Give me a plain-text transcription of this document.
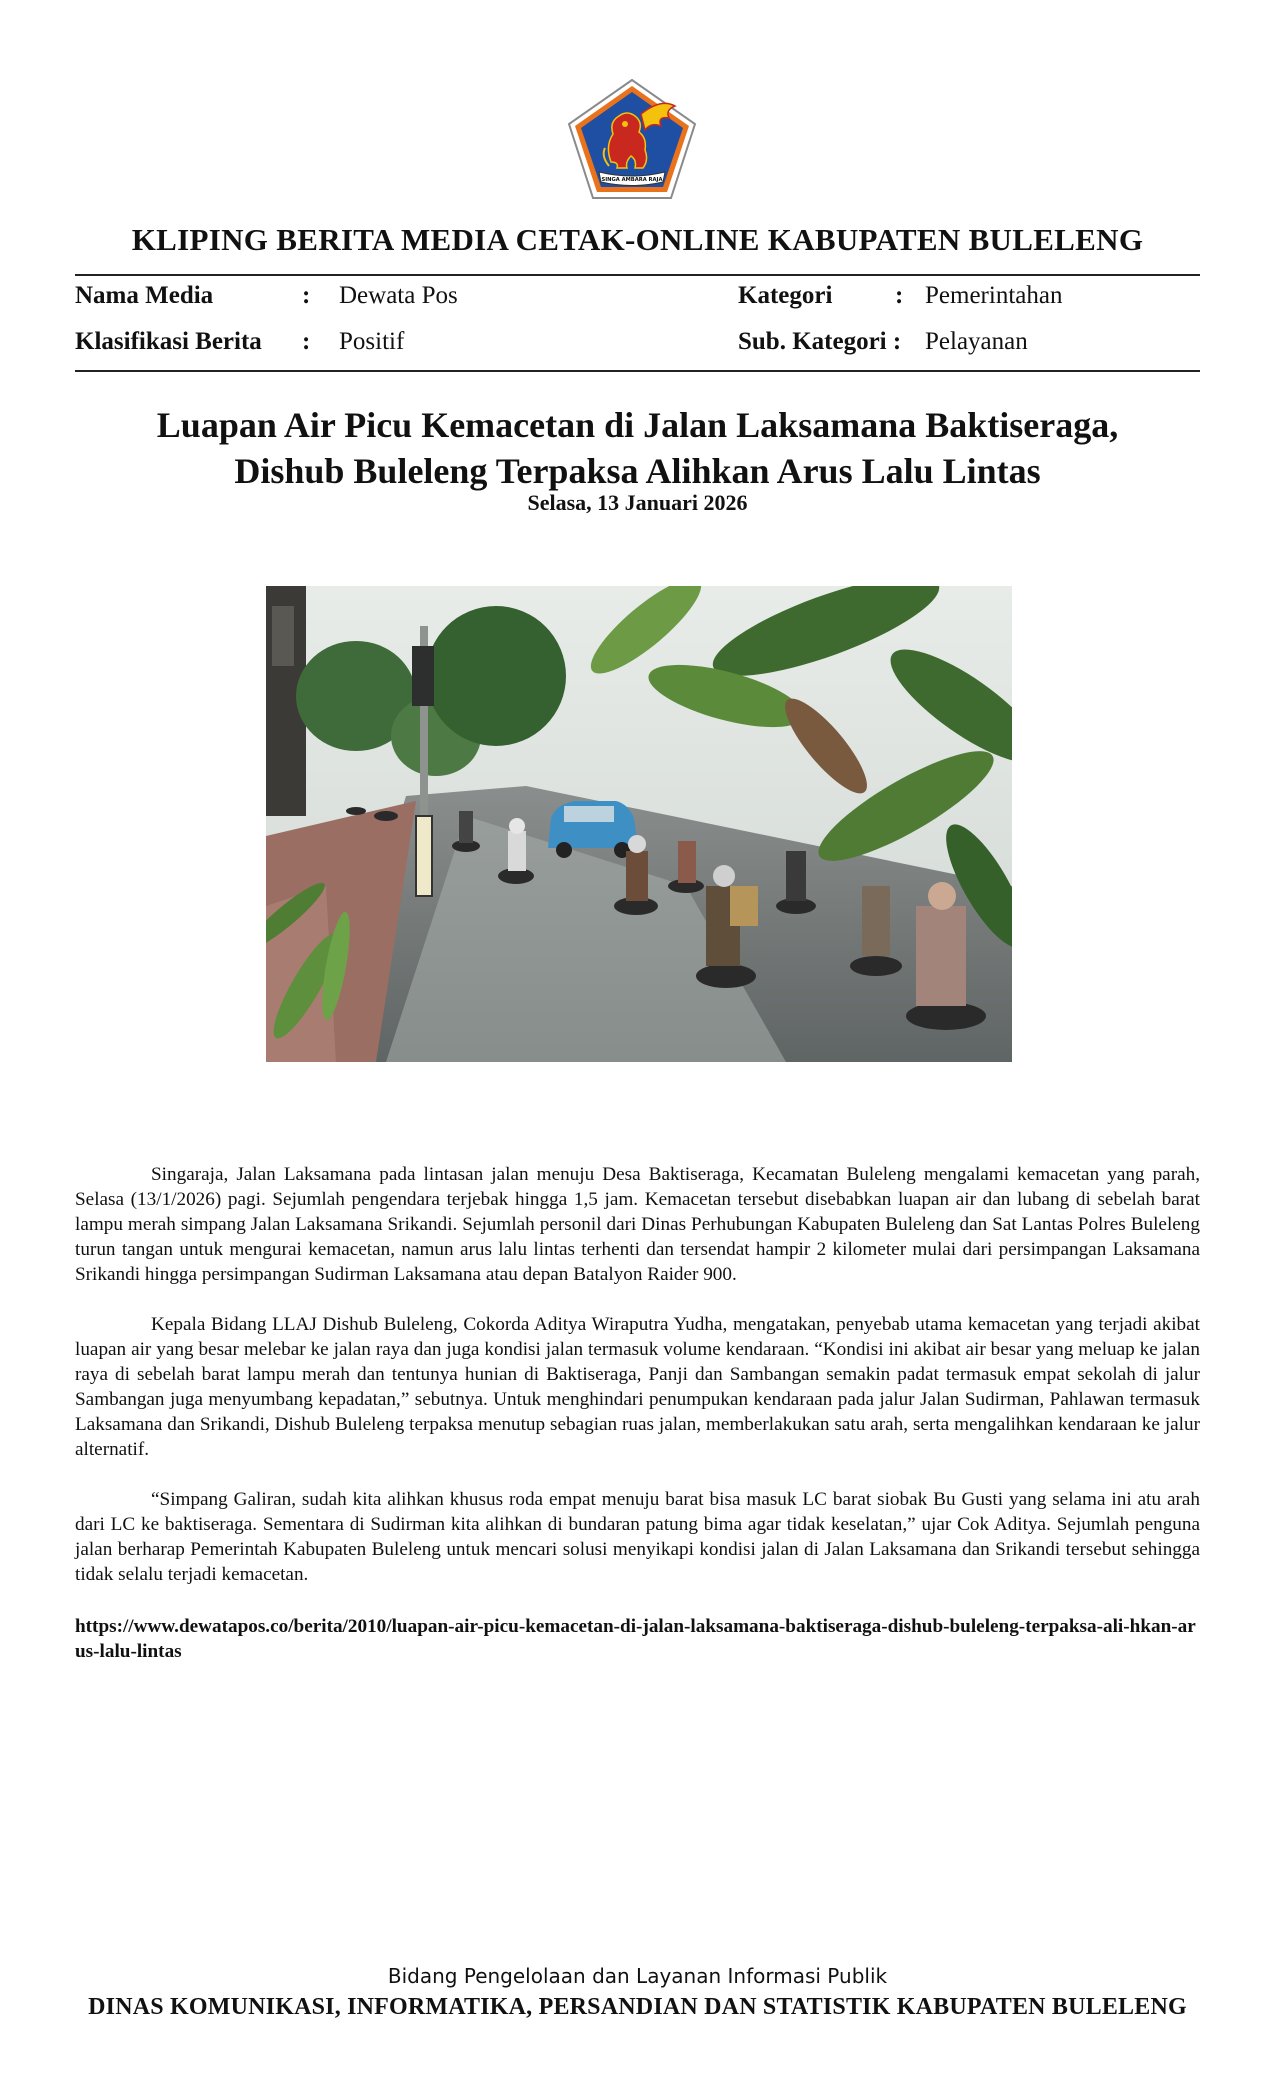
SINGA AMBARA RAJA
KLIPING BERITA MEDIA CETAK-ONLINE KABUPATEN BULELENG
Nama Media	: Dewata Pos	Kategori	: Pemerintahan
Klasifikasi Berita : Positif	Sub. Kategori : Pelayanan
Luapan Air Picu Kemacetan di Jalan Laksamana Baktiseraga,
Dishub Buleleng Terpaksa Alihkan Arus Lalu Lintas
Selasa, 13 Januari 2026

Singaraja, Jalan Laksamana pada lintasan jalan menuju Desa Baktiseraga, Kecamatan Buleleng mengalami kemacetan yang parah, Selasa (13/1/2026) pagi. Sejumlah pengendara terjebak hingga 1,5 jam. Kemacetan tersebut disebabkan luapan air dan lubang di sebelah barat lampu merah simpang Jalan Laksamana Srikandi. Sejumlah personil dari Dinas Perhubungan Kabupaten Buleleng dan Sat Lantas Polres Buleleng turun tangan untuk mengurai kemacetan, namun arus lalu lintas terhenti dan tersendat hampir 2 kilometer mulai dari persimpangan Laksamana Srikandi hingga persimpangan Sudirman Laksamana atau depan Batalyon Raider 900.

Kepala Bidang LLAJ Dishub Buleleng, Cokorda Aditya Wiraputra Yudha, mengatakan, penyebab utama kemacetan yang terjadi akibat luapan air yang besar melebar ke jalan raya dan juga kondisi jalan termasuk volume kendaraan. “Kondisi ini akibat air besar yang meluap ke jalan raya di sebelah barat lampu merah dan tentunya hunian di Baktiseraga, Panji dan Sambangan semakin padat termasuk empat sekolah di jalur Sambangan juga menyumbang kepadatan,” sebutnya. Untuk menghindari penumpukan kendaraan pada jalur Jalan Sudirman, Pahlawan termasuk Laksamana dan Srikandi, Dishub Buleleng terpaksa menutup sebagian ruas jalan, memberlakukan satu arah, serta mengalihkan kendaraan ke jalur alternatif.

“Simpang Galiran, sudah kita alihkan khusus roda empat menuju barat bisa masuk LC barat siobak Bu Gusti yang selama ini atu arah dari LC ke baktiseraga. Sementara di Sudirman kita alihkan di bundaran patung bima agar tidak keselatan,” ujar Cok Aditya. Sejumlah penguna jalan berharap Pemerintah Kabupaten Buleleng untuk mencari solusi menyikapi kondisi jalan di Jalan Laksamana dan Srikandi tersebut sehingga tidak selalu terjadi kemacetan.

https://www.dewatapos.co/berita/2010/luapan-air-picu-kemacetan-di-jalan-laksamana-baktiseraga-dishub-buleleng-terpaksa-ali-hkan-arus-lalu-lintas
Bidang Pengelolaan dan Layanan Informasi Publik
DINAS KOMUNIKASI, INFORMATIKA, PERSANDIAN DAN STATISTIK KABUPATEN BULELENG
